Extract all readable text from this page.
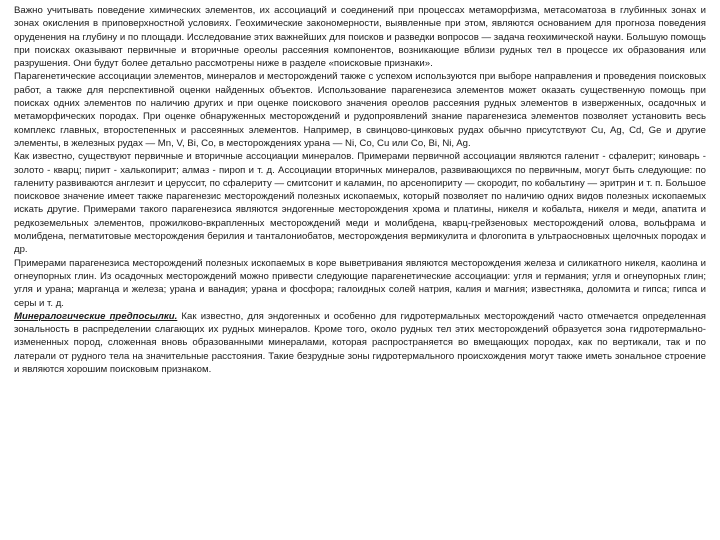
Важно учитывать поведение химических элементов, их ассоциаций и соединений при процессах метаморфизма, метасоматоза в глубинных зонах и зонах окисления в приповерхностной условиях. Геохимические закономерности, выявленные при этом, являются основанием для прогноза поведения оруденения на глубину и по площади. Исследование этих важнейших для поисков и разведки вопросов — задача геохимической науки. Большую помощь при поисках оказывают первичные и вторичные ореолы рассеяния компонентов, возникающие вблизи рудных тел в процессе их образования или разрушения. Они будут более детально рассмотрены ниже в разделе «поисковые признаки».

Парагенетические ассоциации элементов, минералов и месторождений также с успехом используются при выборе направления и проведения поисковых работ, а также для перспективной оценки найденных объектов. Использование парагенезиса элементов может оказать существенную помощь при поисках одних элементов по наличию других и при оценке поискового значения ореолов рассеяния рудных элементов в изверженных, осадочных и метаморфических породах. При оценке обнаруженных месторождений и рудопроявлений знание парагенезиса элементов позволяет установить весь комплекс главных, второстепенных и рассеянных элементов. Например, в свинцово-цинковых рудах обычно присутствуют Cu, Ag, Cd, Ge и другие элементы, в железных рудах — Mn, V, Bi, Co, в месторождениях урана — Ni, Co, Cu или Co, Bi, Ni, Ag.

Как известно, существуют первичные и вторичные ассоциации минералов. Примерами первичной ассоциации являются галенит - сфалерит; киноварь - золото - кварц; пирит - халькопирит; алмаз - пироп и т. д. Ассоциации вторичных минералов, развивающихся по первичным, могут быть следующие: по галениту развиваются англезит и церуссит, по сфалериту — смитсонит и каламин, по арсенопириту — скородит, по кобальтину — эритрин и т. п. Большое поисковое значение имеет также парагенезис месторождений полезных ископаемых, который позволяет по наличию одних видов полезных ископаемых искать другие. Примерами такого парагенезиса являются эндогенные месторождения хрома и платины, никеля и кобальта, никеля и меди, апатита и редкоземельных элементов, прожилково-вкрапленных месторождений меди и молибдена, кварц-грейзеновых месторождений олова, вольфрама и молибдена, пегматитовые месторождения берилия и танталониобатов, месторождения вермикулита и флогопита в ультраосновных щелочных породах и др.

Примерами парагенезиса месторождений полезных ископаемых в коре выветривания являются месторождения железа и силикатного никеля, каолина и огнеупорных глин. Из осадочных месторождений можно привести следующие парагенетические ассоциации: угля и германия; угля и огнеупорных глин; угля и урана; марганца и железа; урана и ванадия; урана и фосфора; галоидных солей натрия, калия и магния; известняка, доломита и гипса; гипса и серы и т. д.

Минералогические предпосылки. Как известно, для эндогенных и особенно для гидротермальных месторождений часто отмечается определенная зональность в распределении слагающих их рудных минералов. Кроме того, около рудных тел этих месторождений образуется зона гидротермально-измененных пород, сложенная вновь образованными минералами, которая распространяется во вмещающих породах, как по вертикали, так и по латерали от рудного тела на значительные расстояния. Такие безрудные зоны гидротермального происхождения могут также иметь зональное строение и являются хорошим поисковым признаком.
